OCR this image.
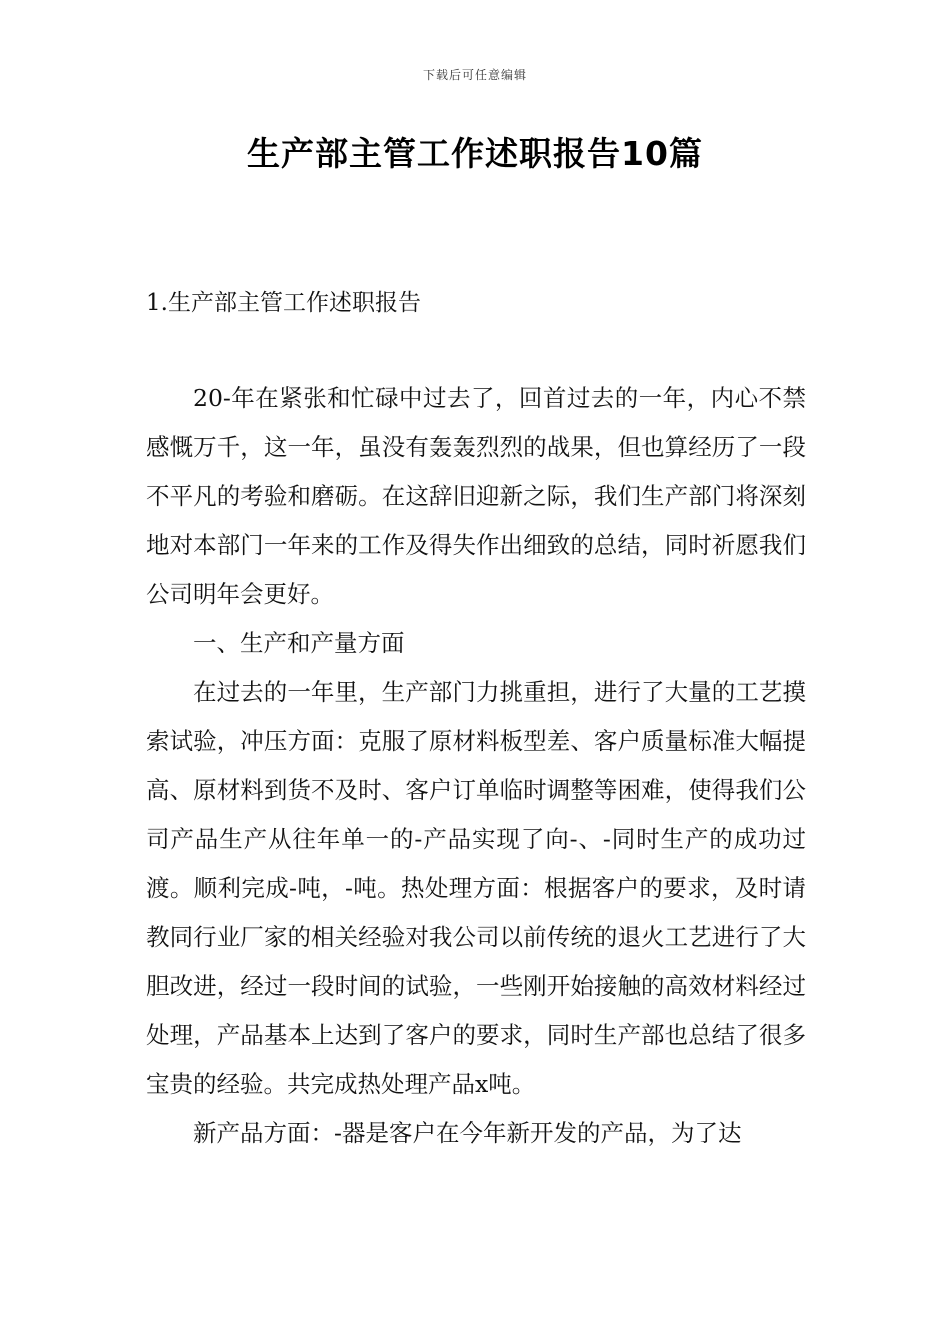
下载后可任意编辑
生产部主管工作述职报告10篇
1.生产部主管工作述职报告

20-年在紧张和忙碌中过去了，回首过去的一年，内心不禁感慨万千，这一年，虽没有轰轰烈烈的战果，但也算经历了一段不平凡的考验和磨砺。在这辞旧迎新之际，我们生产部门将深刻地对本部门一年来的工作及得失作出细致的总结，同时祈愿我们公司明年会更好。

一、生产和产量方面

在过去的一年里，生产部门力挑重担，进行了大量的工艺摸索试验，冲压方面：克服了原材料板型差、客户质量标准大幅提高、原材料到货不及时、客户订单临时调整等困难，使得我们公司产品生产从往年单一的-产品实现了向-、-同时生产的成功过渡。顺利完成-吨，-吨。热处理方面：根据客户的要求，及时请教同行业厂家的相关经验对我公司以前传统的退火工艺进行了大胆改进，经过一段时间的试验，一些刚开始接触的高效材料经过处理，产品基本上达到了客户的要求，同时生产部也总结了很多宝贵的经验。共完成热处理产品x吨。

新产品方面：-器是客户在今年新开发的产品，为了达
